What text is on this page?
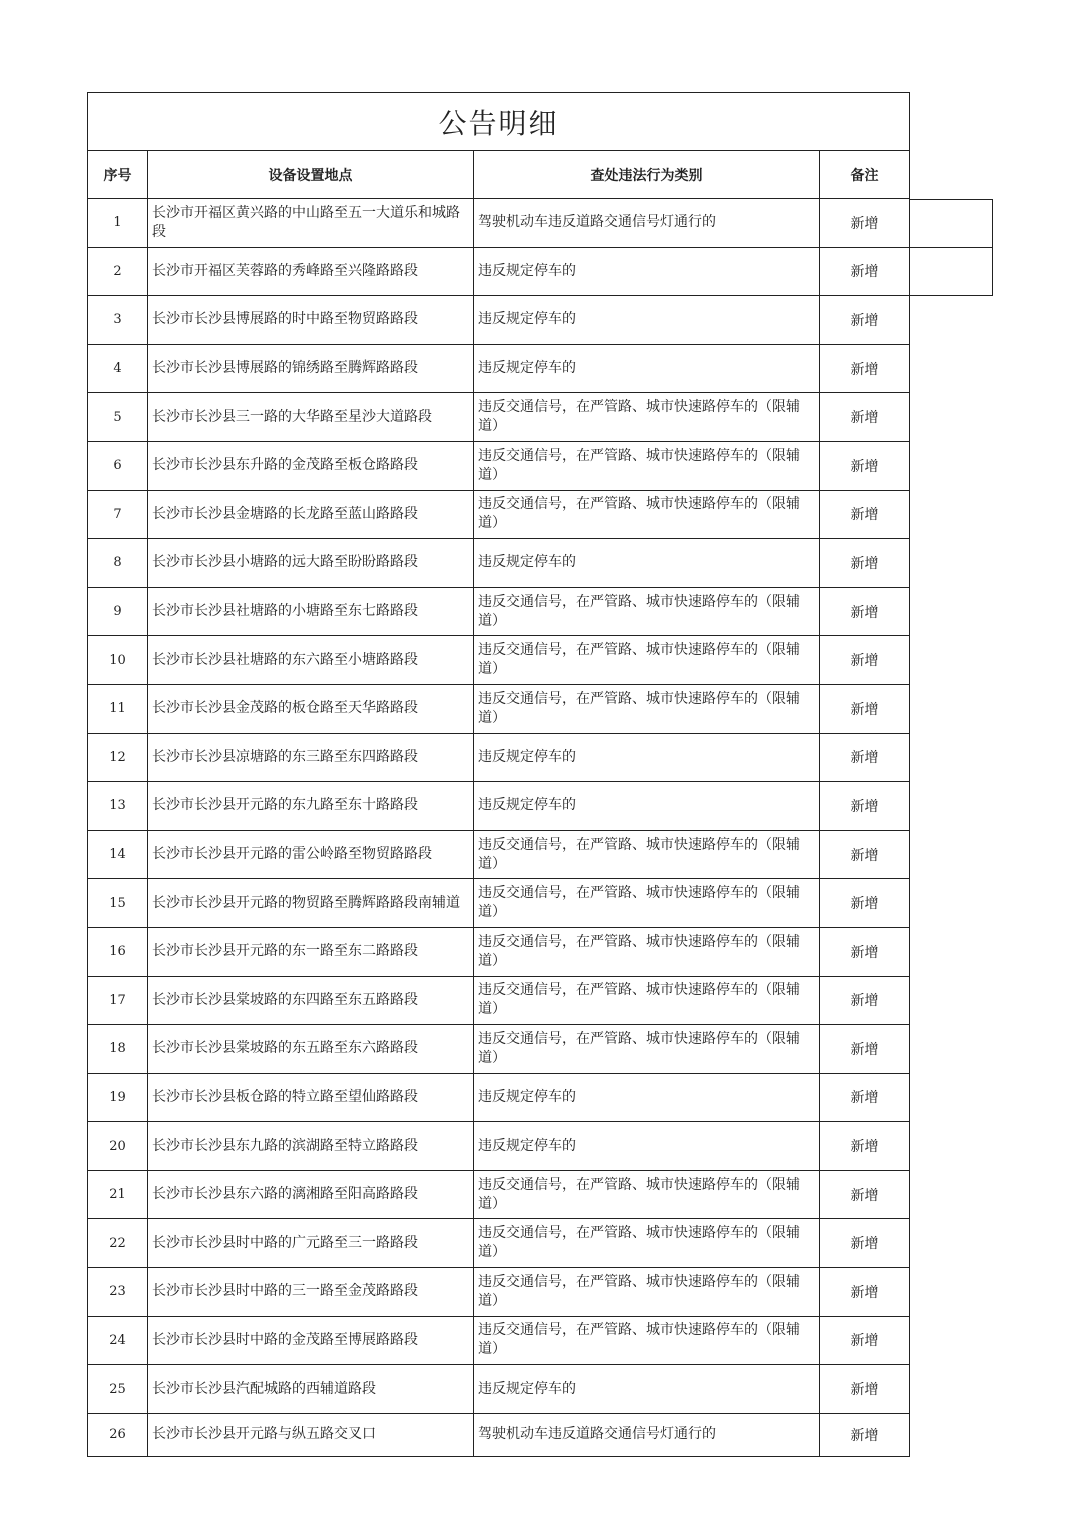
公告明细			
序号	设备设置地点	查处违法行为类别	备注
1	长沙市开福区黄兴路的中山路至五一大道乐和城路段	驾驶机动车违反道路交通信号灯通行的	新增
2	长沙市开福区芙蓉路的秀峰路至兴隆路路段	违反规定停车的	新增
3	长沙市长沙县博展路的时中路至物贸路路段	违反规定停车的	新增
4	长沙市长沙县博展路的锦绣路至腾辉路路段	违反规定停车的	新增
5	长沙市长沙县三一路的大华路至星沙大道路段	违反交通信号，在严管路、城市快速路停车的（限辅道）	新增
6	长沙市长沙县东升路的金茂路至板仓路路段	违反交通信号，在严管路、城市快速路停车的（限辅道）	新增
7	长沙市长沙县金塘路的长龙路至蓝山路路段	违反交通信号，在严管路、城市快速路停车的（限辅道）	新增
8	长沙市长沙县小塘路的远大路至盼盼路路段	违反规定停车的	新增
9	长沙市长沙县社塘路的小塘路至东七路路段	违反交通信号，在严管路、城市快速路停车的（限辅道）	新增
10	长沙市长沙县社塘路的东六路至小塘路路段	违反交通信号，在严管路、城市快速路停车的（限辅道）	新增
11	长沙市长沙县金茂路的板仓路至天华路路段	违反交通信号，在严管路、城市快速路停车的（限辅道）	新增
12	长沙市长沙县凉塘路的东三路至东四路路段	违反规定停车的	新增
13	长沙市长沙县开元路的东九路至东十路路段	违反规定停车的	新增
14	长沙市长沙县开元路的雷公岭路至物贸路路段	违反交通信号，在严管路、城市快速路停车的（限辅道）	新增
15	长沙市长沙县开元路的物贸路至腾辉路路段南辅道	违反交通信号，在严管路、城市快速路停车的（限辅道）	新增
16	长沙市长沙县开元路的东一路至东二路路段	违反交通信号，在严管路、城市快速路停车的（限辅道）	新增
17	长沙市长沙县棠坡路的东四路至东五路路段	违反交通信号，在严管路、城市快速路停车的（限辅道）	新增
18	长沙市长沙县棠坡路的东五路至东六路路段	违反交通信号，在严管路、城市快速路停车的（限辅道）	新增
19	长沙市长沙县板仓路的特立路至望仙路路段	违反规定停车的	新增
20	长沙市长沙县东九路的滨湖路至特立路路段	违反规定停车的	新增
21	长沙市长沙县东六路的漓湘路至阳高路路段	违反交通信号，在严管路、城市快速路停车的（限辅道）	新增
22	长沙市长沙县时中路的广元路至三一路路段	违反交通信号，在严管路、城市快速路停车的（限辅道）	新增
23	长沙市长沙县时中路的三一路至金茂路路段	违反交通信号，在严管路、城市快速路停车的（限辅道）	新增
24	长沙市长沙县时中路的金茂路至博展路路段	违反交通信号，在严管路、城市快速路停车的（限辅道）	新增
25	长沙市长沙县汽配城路的西辅道路段	违反规定停车的	新增
26	长沙市长沙县开元路与纵五路交叉口	驾驶机动车违反道路交通信号灯通行的	新增
